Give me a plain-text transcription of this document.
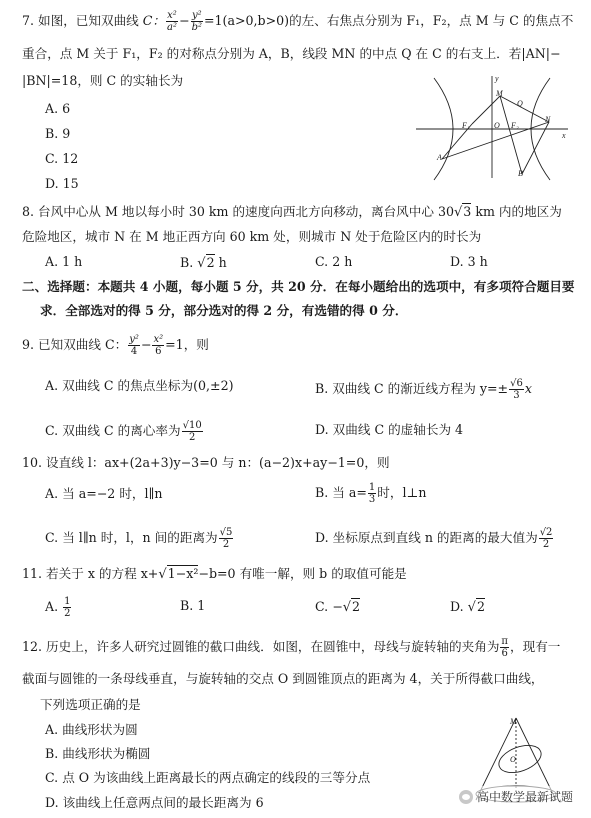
7. 如图，已知双曲线 C： $\frac{\text{x²}}{\text{a²}} - \frac{\text{y²}}{\text{b²}} =1(a>0,b>0)$的左、右焦点分别为 F₁，F₂，点 M 与 C 的焦点不
重合，点 M 关于 F₁，F₂ 的对称点分别为 A，B，线段 MN 的中点 Q 在 C 的右支上．若|AN|−
|BN|=18，则 C 的实轴长为
A. 6
B. 9
C. 12
D. 15
y
M
Q
F₁	O F₂
N
x
A
B
8. 台风中心从 M 地以每小时 30 km 的速度向西北方向移动，离台风中心 30√3 km 内的地区为
危险地区，城市 N 在 M 地正西方向 60 km 处，则城市 N 处于危险区内的时长为
A. 1 h	B. √2 h	C. 2 h	D. 3 h
二、选择题：本题共 4 小题，每小题 5 分，共 20 分．在每小题给出的选项中，有多项符合题目要
求．全部选对的得 5 分，部分选对的得 2 分，有选错的得 0 分．
9. 已知双曲线 C： $\frac{\text{y²}}{4} - \frac{\text{x²}}{6} =1$，则
A. 双曲线 C 的焦点坐标为(0,±2)	B. 双曲线 C 的渐近线方程为 $y=\pm \frac{√6}{3}$ x
C. 双曲线 C 的离心率为 $\frac{√10}{2}$	D. 双曲线 C 的虚轴长为 4
10. 设直线 l：ax+(2a+3)y−3=0 与 n：(a−2)x+ay−1=0，则
A. 当 a=−2 时，l∥n	B. 当 $a= \frac{1}{3}$ 时，l⊥n
C. 当 l∥n 时，l，n 间的距离为 $\frac{√5}{2}$	D. 坐标原点到直线 n 的距离的最大值为 $\frac{√2}{2}$
11. 若关于 x 的方程 x+√1−x²−b=0 有唯一解，则 b 的取值可能是
A. $\frac{1}{2}$	B. 1	C. −√2	D. √2
12. 历史上，许多人研究过圆锥的截口曲线．如图，在圆锥中，母线与旋转轴的夹角为 $\frac{\pi}{6}$ ，现有一
截面与圆锥的一条母线垂直，与旋转轴的交点 O 到圆锥顶点的距离为 4，关于所得截口曲线，
下列选项正确的是
A. 曲线形状为圆
B. 曲线形状为椭圆
C. 点 O 为该曲线上距离最长的两点确定的线段的三等分点
D. 该曲线上任意两点间的最长距离为 6
M
O
高中数学最新试题
